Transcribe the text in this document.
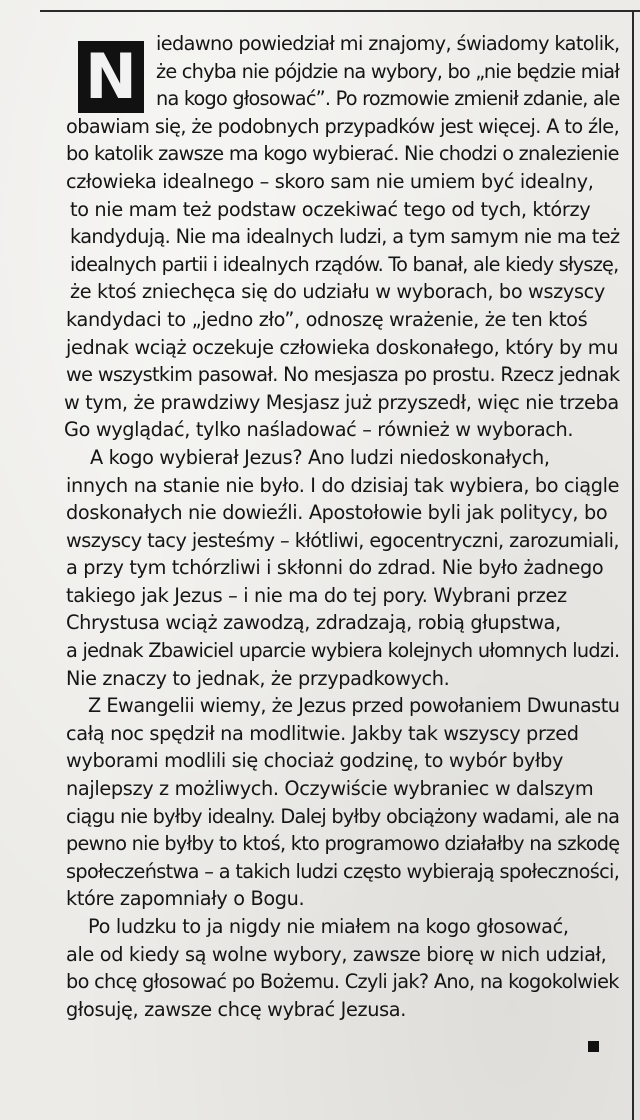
N iedawno powiedział mi znajomy, świadomy katolik,
że chyba nie pójdzie na wybory, bo „nie będzie miał
na kogo głosować”. Po rozmowie zmienił zdanie, ale
obawiam się, że podobnych przypadków jest więcej. A to źle,
bo katolik zawsze ma kogo wybierać. Nie chodzi o znalezienie
człowieka idealnego – skoro sam nie umiem być idealny,
to nie mam też podstaw oczekiwać tego od tych, którzy
kandydują. Nie ma idealnych ludzi, a tym samym nie ma też
idealnych partii i idealnych rządów. To banał, ale kiedy słyszę,
że ktoś zniechęca się do udziału w wyborach, bo wszyscy
kandydaci to „jedno zło”, odnoszę wrażenie, że ten ktoś
jednak wciąż oczekuje człowieka doskonałego, który by mu
we wszystkim pasował. No mesjasza po prostu. Rzecz jednak
w tym, że prawdziwy Mesjasz już przyszedł, więc nie trzeba
Go wyglądać, tylko naśladować – również w wyborach.
A kogo wybierał Jezus? Ano ludzi niedoskonałych,
innych na stanie nie było. I do dzisiaj tak wybiera, bo ciągle
doskonałych nie dowieźli. Apostołowie byli jak politycy, bo
wszyscy tacy jesteśmy – kłótliwi, egocentryczni, zarozumiali,
a przy tym tchórzliwi i skłonni do zdrad. Nie było żadnego
takiego jak Jezus – i nie ma do tej pory. Wybrani przez
Chrystusa wciąż zawodzą, zdradzają, robią głupstwa,
a jednak Zbawiciel uparcie wybiera kolejnych ułomnych ludzi.
Nie znaczy to jednak, że przypadkowych.
Z Ewangelii wiemy, że Jezus przed powołaniem Dwunastu
całą noc spędził na modlitwie. Jakby tak wszyscy przed
wyborami modlili się chociaż godzinę, to wybór byłby
najlepszy z możliwych. Oczywiście wybraniec w dalszym
ciągu nie byłby idealny. Dalej byłby obciążony wadami, ale na
pewno nie byłby to ktoś, kto programowo działałby na szkodę
społeczeństwa – a takich ludzi często wybierają społeczności,
które zapomniały o Bogu.
Po ludzku to ja nigdy nie miałem na kogo głosować,
ale od kiedy są wolne wybory, zawsze biorę w nich udział,
bo chcę głosować po Bożemu. Czyli jak? Ano, na kogokolwiek
głosuję, zawsze chcę wybrać Jezusa.
